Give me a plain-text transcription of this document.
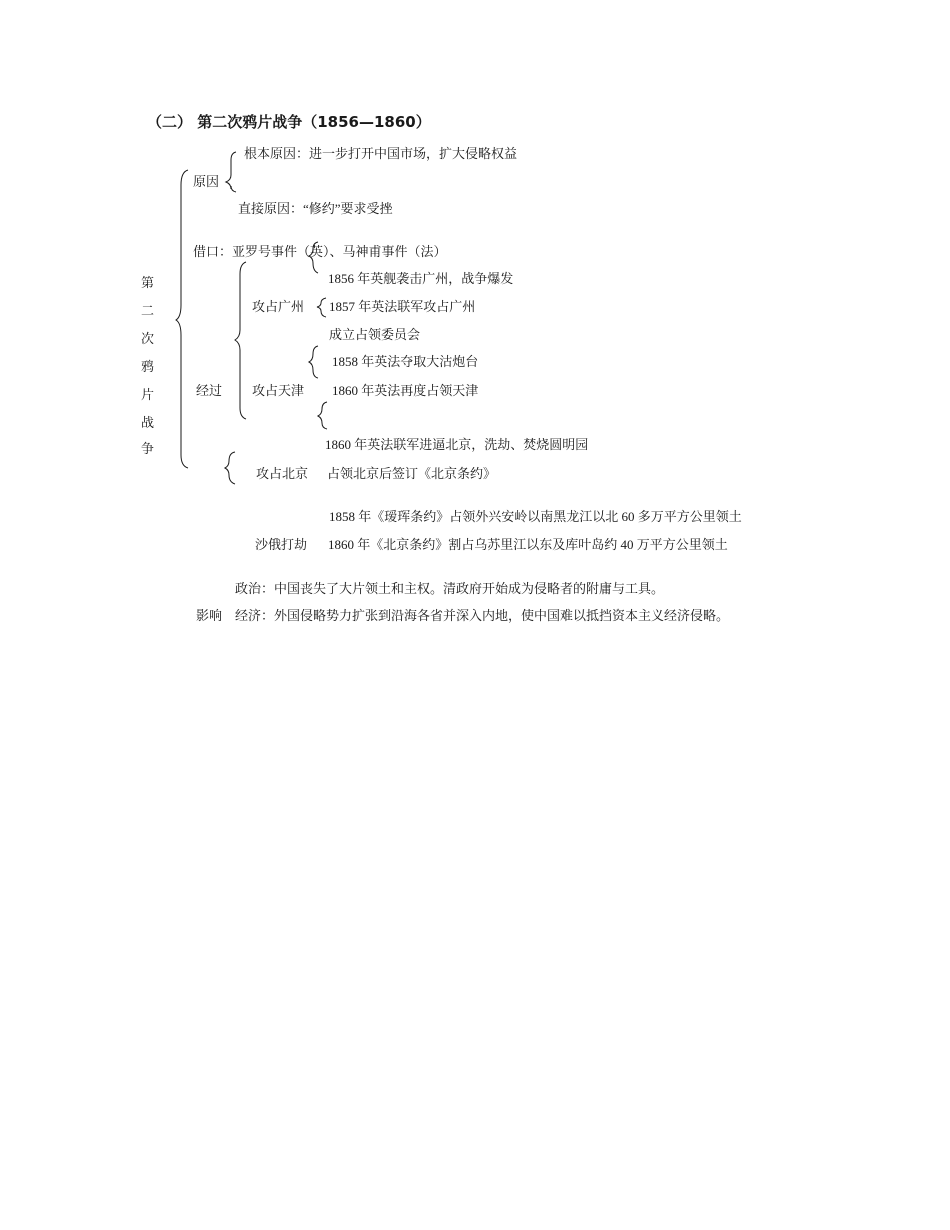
（二） 第二次鸦片战争（1856—1860）
第
二
次
鸦
片
战
争
原因
根本原因：进一步打开中国市场，扩大侵略权益
直接原因：“修约”要求受挫
借口：亚罗号事件（英）、马神甫事件（法）
经过
攻占广州
1856 年英舰袭击广州，战争爆发
1857 年英法联军攻占广州
成立占领委员会
攻占天津
1858 年英法夺取大沽炮台
1860 年英法再度占领天津
1860 年英法联军进逼北京，洗劫、焚烧圆明园
攻占北京 占领北京后签订《北京条约》
1858 年《瑷珲条约》占领外兴安岭以南黑龙江以北 60 多万平方公里领土
沙俄打劫 1860 年《北京条约》割占乌苏里江以东及库叶岛约 40 万平方公里领土
政治：中国丧失了大片领土和主权。清政府开始成为侵略者的附庸与工具。
影响 经济：外国侵略势力扩张到沿海各省并深入内地，使中国难以抵挡资本主义经济侵略。
